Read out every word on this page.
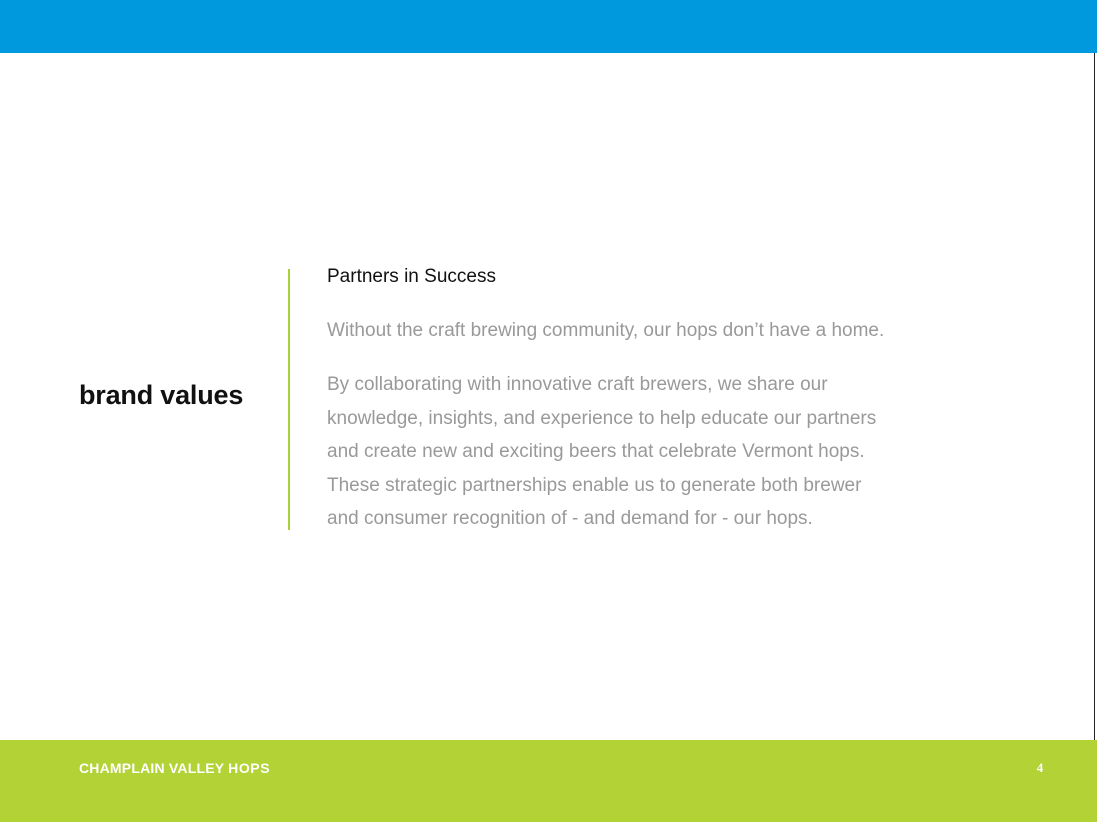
brand values
Partners in Success

Without the craft brewing community, our hops don’t have a home.

By collaborating with innovative craft brewers, we share our
knowledge, insights, and experience to help educate our partners
and create new and exciting beers that celebrate Vermont hops.
These strategic partnerships enable us to generate both brewer
and consumer recognition of - and demand for - our hops.
CHAMPLAIN VALLEY HOPS	4
